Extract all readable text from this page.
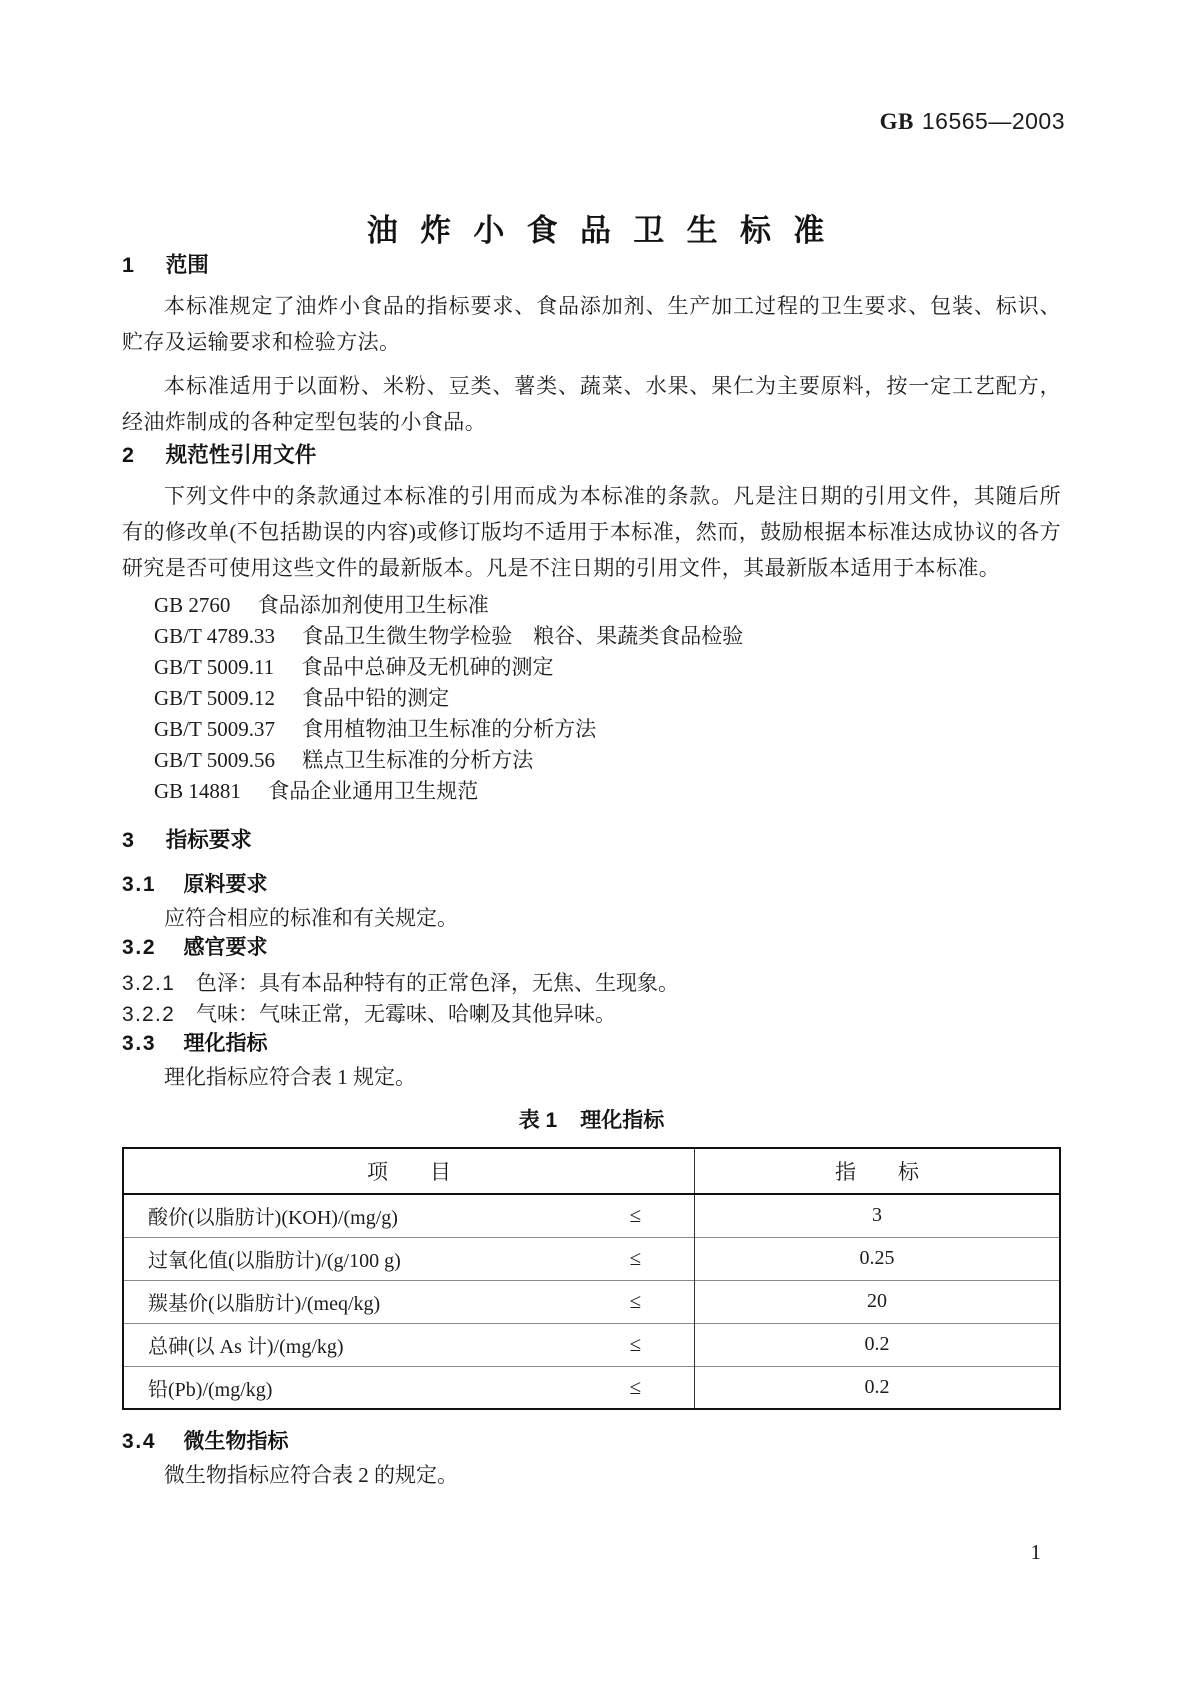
GB 16565—2003
油炸小食品卫生标准
1 范围

本标准规定了油炸小食品的指标要求、食品添加剂、生产加工过程的卫生要求、包装、标识、贮存及运输要求和检验方法。

本标准适用于以面粉、米粉、豆类、薯类、蔬菜、水果、果仁为主要原料，按一定工艺配方，经油炸制成的各种定型包装的小食品。

2 规范性引用文件

下列文件中的条款通过本标准的引用而成为本标准的条款。凡是注日期的引用文件，其随后所有的修改单(不包括勘误的内容)或修订版均不适用于本标准，然而，鼓励根据本标准达成协议的各方研究是否可使用这些文件的最新版本。凡是不注日期的引用文件，其最新版本适用于本标准。

GB 2760 食品添加剂使用卫生标准
GB/T 4789.33 食品卫生微生物学检验　粮谷、果蔬类食品检验
GB/T 5009.11 食品中总砷及无机砷的测定
GB/T 5009.12 食品中铅的测定
GB/T 5009.37 食用植物油卫生标准的分析方法
GB/T 5009.56 糕点卫生标准的分析方法
GB 14881 食品企业通用卫生规范
3 指标要求
3.1 原料要求

应符合相应的标准和有关规定。

3.2 感官要求

3.2.1 色泽：具有本品种特有的正常色泽，无焦、生现象。

3.2.2 气味：气味正常，无霉味、哈喇及其他异味。

3.3 理化指标

理化指标应符合表 1 规定。

表 1 理化指标
项　　目	指　　标

酸价(以脂肪计)(KOH)/(mg/g) ≤	3

过氧化值(以脂肪计)/(g/100 g) ≤	0.25

羰基价(以脂肪计)/(meq/kg) ≤	20

总砷(以 As 计)/(mg/kg) ≤	0.2

铅(Pb)/(mg/kg) ≤	0.2
3.4 微生物指标

微生物指标应符合表 2 的规定。

1
